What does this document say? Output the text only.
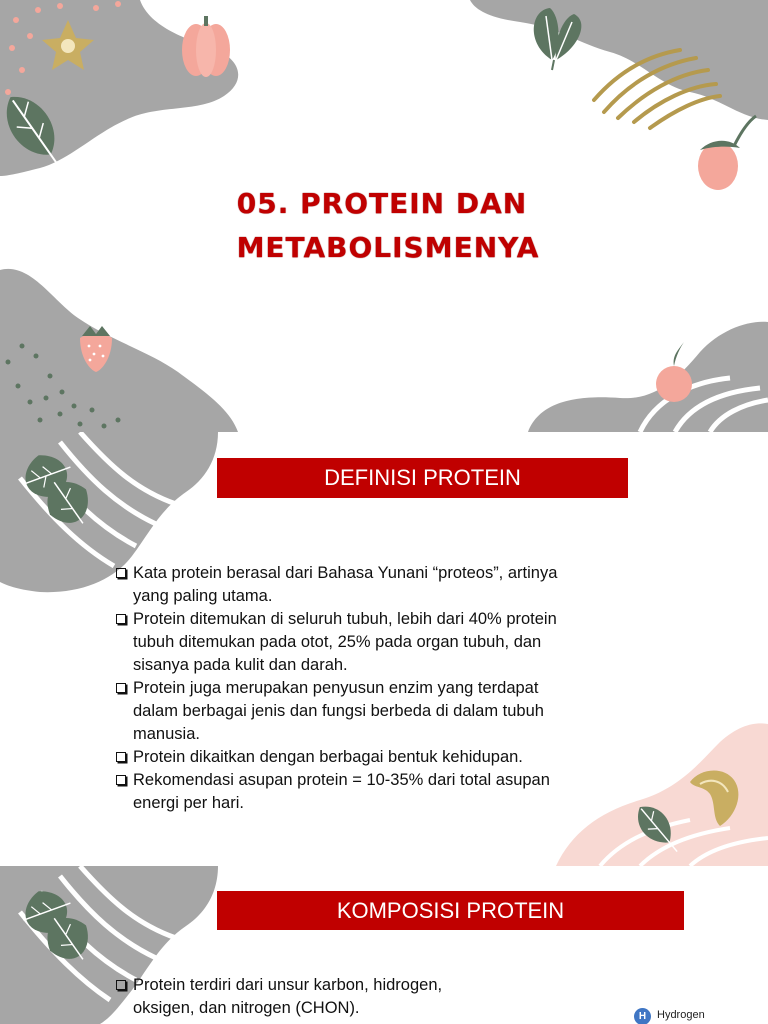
05. PROTEIN DAN
METABOLISMENYA
DEFINISI PROTEIN
Kata protein berasal dari Bahasa Yunani “proteos”, artinya
yang paling utama.
Protein ditemukan di seluruh tubuh, lebih dari 40% protein
tubuh ditemukan pada otot, 25% pada organ tubuh, dan
sisanya pada kulit dan darah.
Protein juga merupakan penyusun enzim yang terdapat
dalam berbagai jenis dan fungsi berbeda di dalam tubuh
manusia.
Protein dikaitkan dengan berbagai bentuk kehidupan.
Rekomendasi asupan protein = 10-35% dari total asupan
energi per hari.
KOMPOSISI PROTEIN
Protein terdiri dari unsur karbon, hidrogen,
oksigen, dan nitrogen (CHON).	H Hydrogen
